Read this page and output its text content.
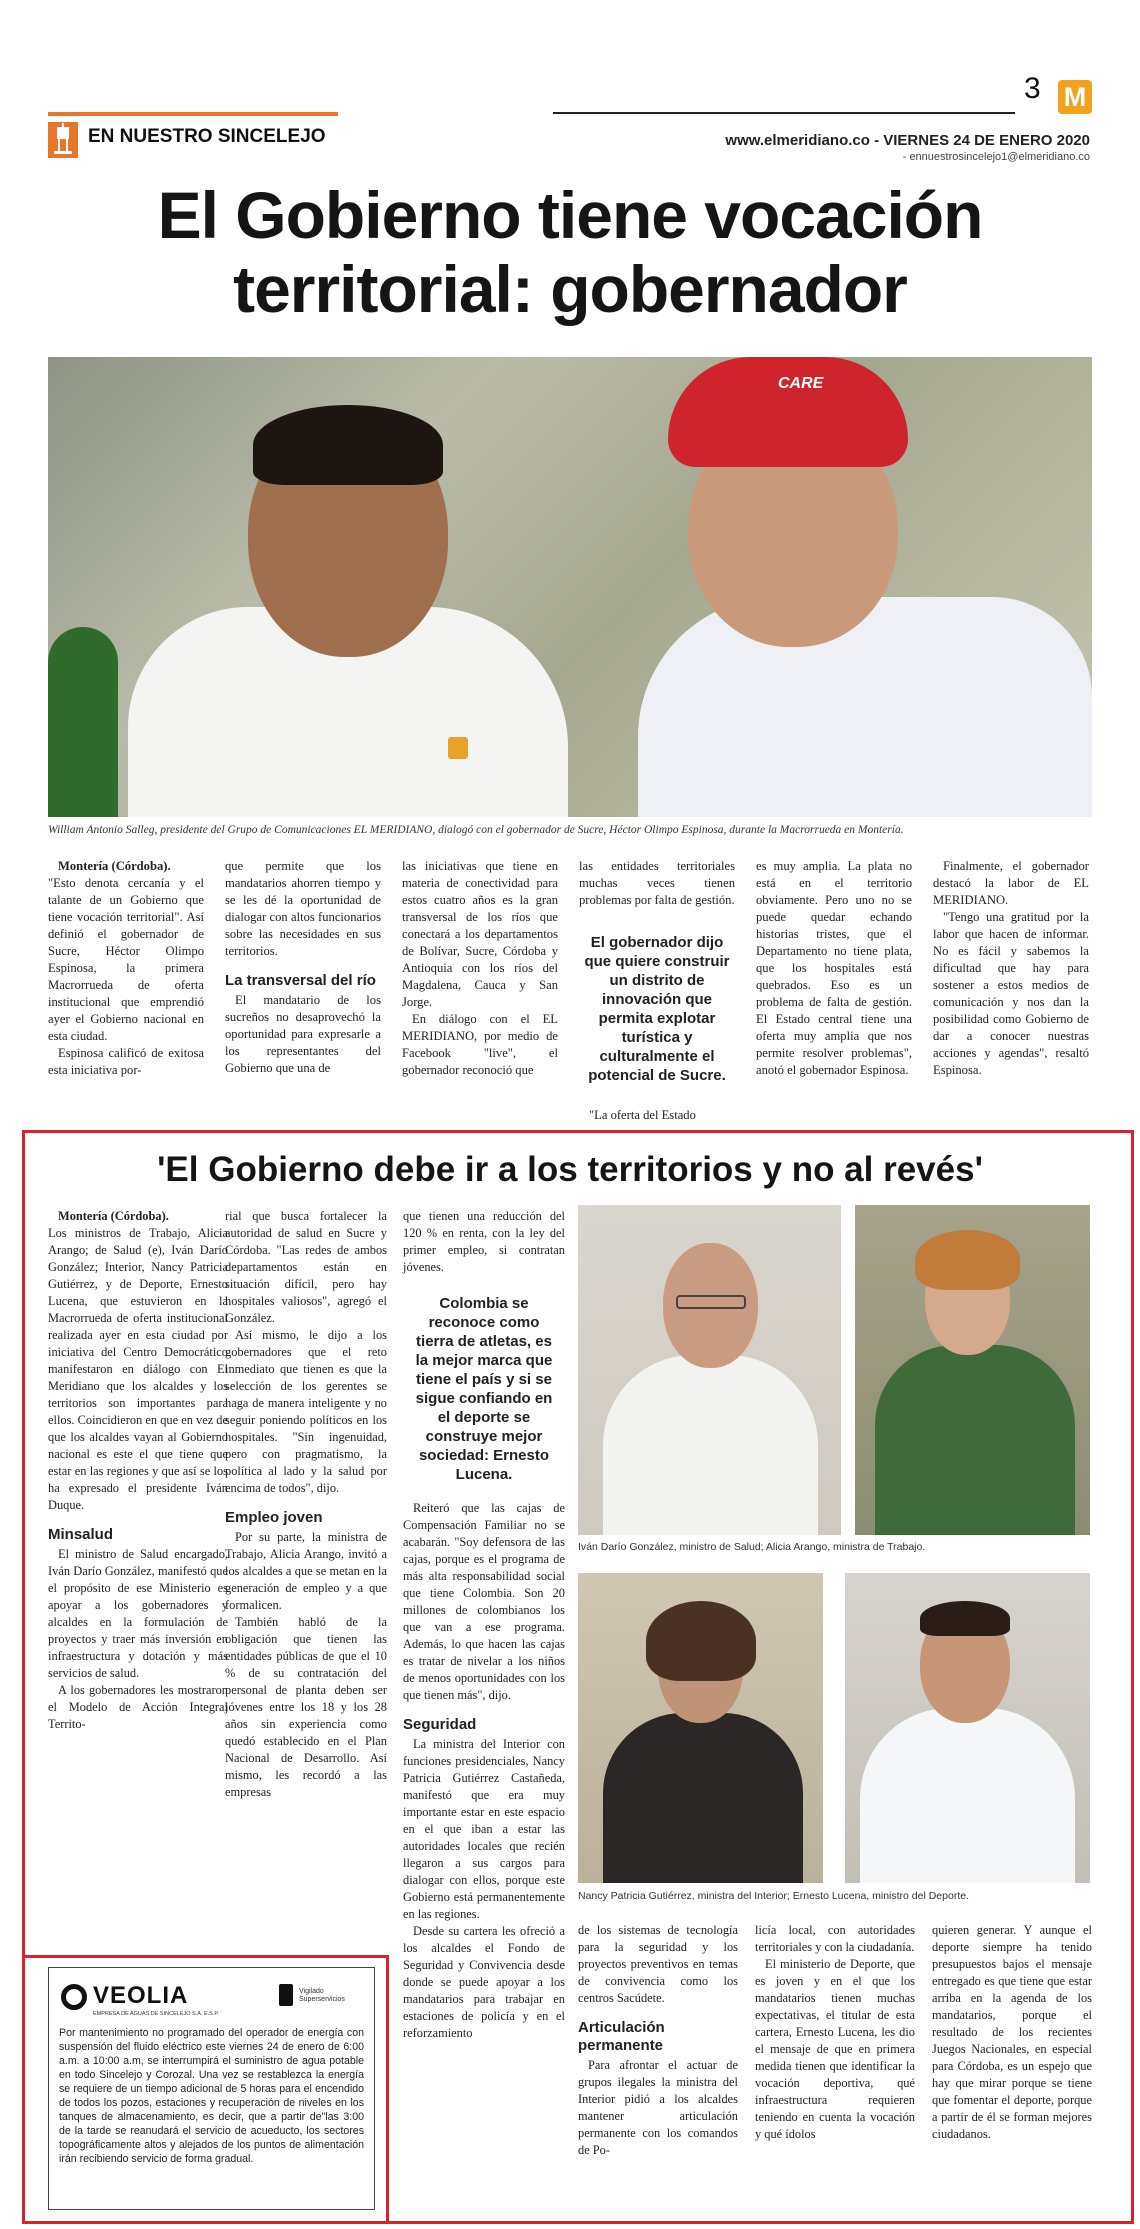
EN NUESTRO SINCELEJO
3 M
www.elmeridiano.co - VIERNES 24 DE ENERO 2020
- ennuestrosincelejo1@elmeridiano.co
El Gobierno tiene vocación
territorial: gobernador
CARE
William Antonio Salleg, presidente del Grupo de Comunicaciones EL MERIDIANO, dialogó con el gobernador de Sucre, Héctor Olimpo Espinosa, durante la Macrorrueda en Montería.

Montería (Córdoba).

"Esto denota cercanía y el talante de un Gobierno que tiene vocación territorial". Así definió el gobernador de Sucre, Héctor Olimpo Espinosa, la primera Macrorrueda de oferta institucional que emprendió ayer el Gobierno nacional en esta ciudad.

Espinosa calificó de exitosa esta iniciativa por-

que permite que los mandatarios ahorren tiempo y se les dé la oportunidad de dialogar con altos funcionarios sobre las necesidades en sus territorios.

La transversal del río

El mandatario de los sucreños no desaprovechó la oportunidad para expresarle a los representantes del Gobierno que una de

las iniciativas que tiene en materia de conectividad para estos cuatro años es la gran transversal de los ríos que conectará a los departamentos de Bolívar, Sucre, Córdoba y Antioquia con los ríos del Magdalena, Cauca y San Jorge.

En diálogo con el EL MERIDIANO, por medio de Facebook "live", el gobernador reconoció que

las entidades territoriales muchas veces tienen problemas por falta de gestión.

El gobernador dijo que quiere construir un distrito de innovación que permita explotar turística y culturalmente el potencial de Sucre.

"La oferta del Estado

es muy amplia. La plata no está en el territorio obviamente. Pero uno no se puede quedar echando historias tristes, que el Departamento no tiene plata, que los hospitales está quebrados. Eso es un problema de falta de gestión. El Estado central tiene una oferta muy amplia que nos permite resolver problemas", anotó el gobernador Espinosa.

Finalmente, el gobernador destacó la labor de EL MERIDIANO.

"Tengo una gratitud por la labor que hacen de informar. No es fácil y sabemos la dificultad que hay para sostener a estos medios de comunicación y nos dan la posibilidad como Gobierno de dar a conocer nuestras acciones y agendas", resaltó Espinosa.

'El Gobierno debe ir a los territorios y no al revés'

Montería (Córdoba).

Los ministros de Trabajo, Alicia Arango; de Salud (e), Iván Darío González; Interior, Nancy Patricia Gutiérrez, y de Deporte, Ernesto Lucena, que estuvieron en la Macrorrueda de oferta institucional realizada ayer en esta ciudad por iniciativa del Centro Democrático manifestaron en diálogo con El Meridiano que los alcaldes y los territorios son importantes para ellos. Coincidieron en que en vez de que los alcaldes vayan al Gobierno nacional es este el que tiene que estar en las regiones y que así se los ha expresado el presidente Iván Duque.

Minsalud

El ministro de Salud encargado, Iván Darío González, manifestó que el propósito de ese Ministerio es apoyar a los gobernadores y alcaldes en la formulación de proyectos y traer más inversión en infraestructura y dotación y más servicios de salud.

A los gobernadores les mostraron el Modelo de Acción Integral Territo-

rial que busca fortalecer la autoridad de salud en Sucre y Córdoba. "Las redes de ambos departamentos están en situación difícil, pero hay hospitales valiosos", agregó el González.

Así mismo, le dijo a los gobernadores que el reto inmediato que tienen es que la selección de los gerentes se haga de manera inteligente y no seguir poniendo políticos en los hospitales. "Sin ingenuidad, pero con pragmatismo, la política al lado y la salud por encima de todos", dijo.

Empleo joven

Por su parte, la ministra de Trabajo, Alicia Arango, invitó a los alcaldes a que se metan en la generación de empleo y a que formalicen.

También habló de la obligación que tienen las entidades públicas de que el 10 % de su contratación del personal de planta deben ser jóvenes entre los 18 y los 28 años sin experiencia como quedó establecido en el Plan Nacional de Desarrollo. Así mismo, les recordó a las empresas

que tienen una reducción del 120 % en renta, con la ley del primer empleo, si contratan jóvenes.

Colombia se reconoce como tierra de atletas, es la mejor marca que tiene el país y si se sigue confiando en el deporte se construye mejor sociedad: Ernesto Lucena.

Reiteró que las cajas de Compensación Familiar no se acabarán. "Soy defensora de las cajas, porque es el programa de más alta responsabilidad social que tiene Colombia. Son 20 millones de colombianos los que van a ese programa. Además, lo que hacen las cajas es tratar de nivelar a los niños de menos oportunidades con los que tienen más", dijo.

Seguridad

La ministra del Interior con funciones presidenciales, Nancy Patricia Gutiérrez Castañeda, manifestó que era muy importante estar en este espacio en el que iban a estar las autoridades locales que recién llegaron a sus cargos para dialogar con ellos, porque este Gobierno está permanentemente en las regiones.

Desde su cartera les ofreció a los alcaldes el Fondo de Seguridad y Convivencia desde donde se puede apoyar a los mandatarios para trabajar en estaciones de policía y en el reforzamiento

Iván Darío González, ministro de Salud; Alicia Arango, ministra de Trabajo.
Nancy Patricia Gutiérrez, ministra del Interior; Ernesto Lucena, ministro del Deporte.

de los sistemas de tecnología para la seguridad y los proyectos preventivos en temas de convivencia como los centros Sacúdete.

Articulación permanente

Para afrontar el actuar de grupos ilegales la ministra del Interior pidió a los alcaldes mantener articulación permanente con los comandos de Po-

licía local, con autoridades territoriales y con la ciudadanía.

El ministerio de Deporte, que es joven y en el que los mandatarios tienen muchas expectativas, el titular de esta cartera, Ernesto Lucena, les dio el mensaje de que en primera medida tienen que identificar la vocación deportiva, qué infraestructura requieren teniendo en cuenta la vocación y qué ídolos

quieren generar. Y aunque el deporte siempre ha tenido presupuestos bajos el mensaje entregado es que tiene que estar arriba en la agenda de los mandatarios, porque el resultado de los recientes Juegos Nacionales, en especial para Córdoba, es un espejo que hay que mirar porque se tiene que fomentar el deporte, porque a partir de él se forman mejores ciudadanos.

VEOLIA
EMPRESA DE AGUAS DE SINCELEJO S.A. E.S.P.
Vigilado Superservicios
Por mantenimiento no programado del operador de energía con suspensión del fluido eléctrico este viernes 24 de enero de 6:00 a.m. a 10:00 a.m, se interrumpirá el suministro de agua potable en todo Sincelejo y Corozal. Una vez se restablezca la energía se requiere de un tiempo adicional de 5 horas para el encendido de todos los pozos, estaciones y recuperación de niveles en los tanques de almacenamiento, es decir, que a partir de"las 3:00 de la tarde se reanudará el servicio de acueducto, los sectores topográficamente altos y alejados de los puntos de alimentación irán recibiendo servicio de forma gradual.
